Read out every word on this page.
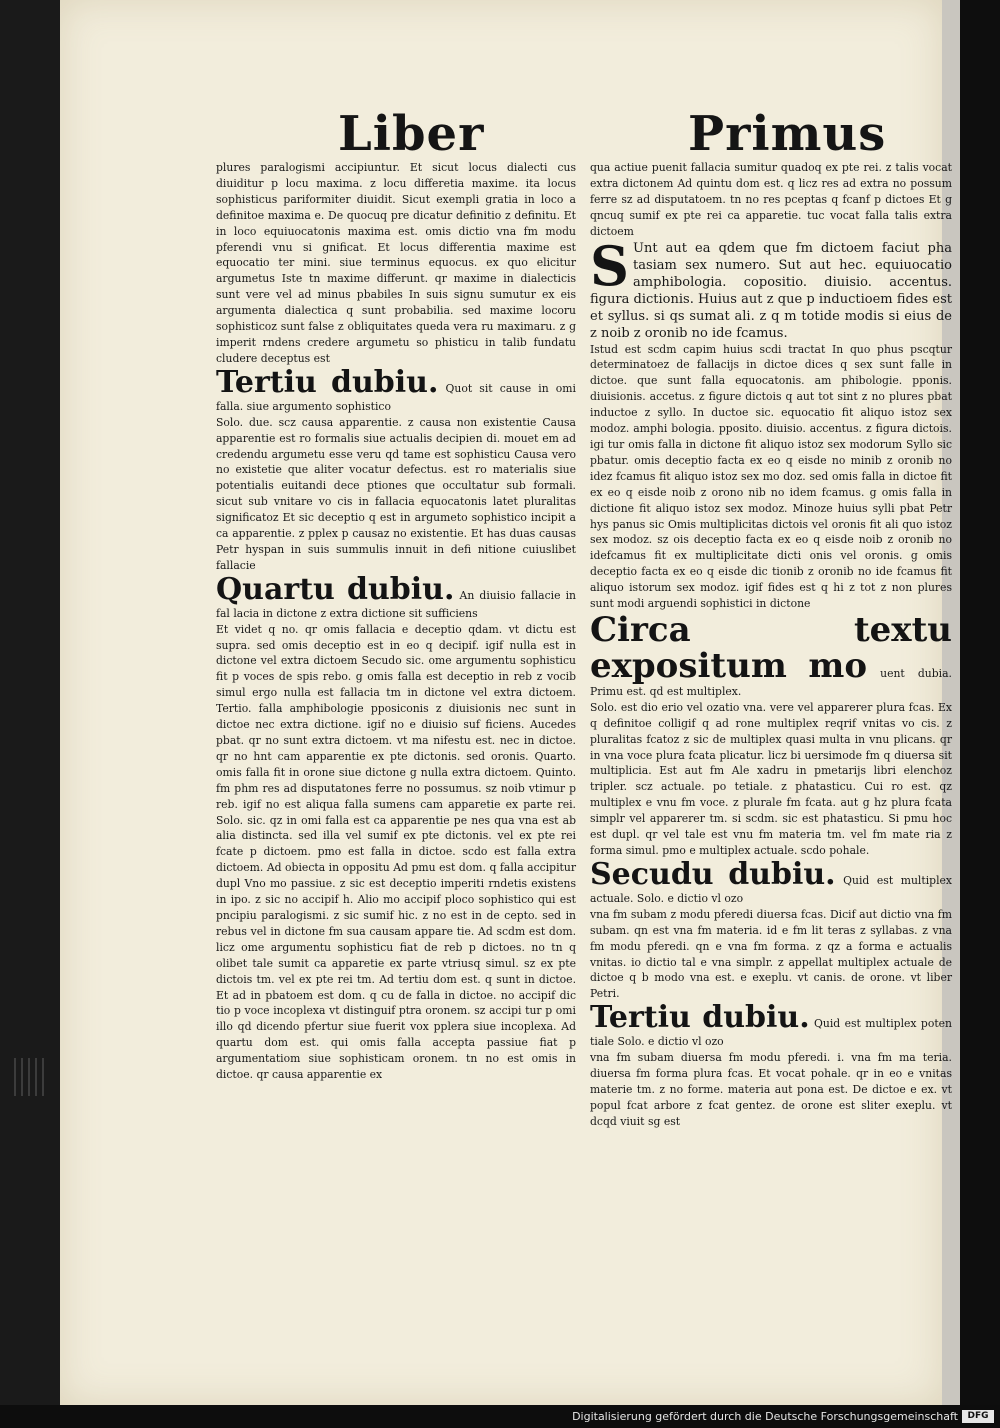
Liber	Primus

plures paralogismi accipiuntur. Et sicut locus dialecti cus diuiditur p locu maxima. z locu differetia maxime. ita locus sophisticus pariformiter diuidit. Sicut exempli gratia in loco a definitoe maxima e. De quocuq pre dicatur definitio z definitu. Et in loco equiuocatonis maxima est. omis dictio vna fm modu pferendi vnu si gnificat. Et locus differentia maxime est equocatio ter mini. siue terminus equocus. ex quo elicitur argumetus Iste tn maxime differunt. qr maxime in dialecticis sunt vere vel ad minus pbabiles In suis signu sumutur ex eis argumenta dialectica q sunt probabilia. sed maxime locoru sophisticoz sunt false z obliquitates queda vera ru maximaru. z g imperit rndens credere argumetu so phisticu in talib fundatu cludere deceptus est

Tertiu dubiu. Quot sit cause in omi falla. siue argumento sophistico

Solo. due. scz causa apparentie. z causa non existentie Causa apparentie est ro formalis siue actualis decipien di. mouet em ad credendu argumetu esse veru qd tame est sophisticu Causa vero no existetie que aliter vocatur defectus. est ro materialis siue potentialis euitandi dece ptiones que occultatur sub formali. sicut sub vnitare vo cis in fallacia equocatonis latet pluralitas significatoz Et sic deceptio q est in argumeto sophistico incipit a ca apparentie. z pplex p causaz no existentie. Et has duas causas Petr hyspan in suis summulis innuit in defi nitione cuiuslibet fallacie

Quartu dubiu. An diuisio fallacie in fal lacia in dictone z extra dictione sit sufficiens

Et videt q no. qr omis fallacia e deceptio qdam. vt dictu est supra. sed omis deceptio est in eo q decipif. igif nulla est in dictone vel extra dictoem Secudo sic. ome argumentu sophisticu fit p voces de spis rebo. g omis falla est deceptio in reb z vocib simul ergo nulla est fallacia tm in dictone vel extra dictoem. Tertio. falla amphibologie pposiconis z diuisionis nec sunt in dictoe nec extra dictione. igif no e diuisio suf ficiens. Aucedes pbat. qr no sunt extra dictoem. vt ma nifestu est. nec in dictoe. qr no hnt cam apparentie ex pte dictonis. sed oronis. Quarto. omis falla fit in orone siue dictone g nulla extra dictoem. Quinto. fm phm res ad disputatones ferre no possumus. sz noib vtimur p reb. igif no est aliqua falla sumens cam apparetie ex parte rei. Solo. sic. qz in omi falla est ca apparentie pe nes qua vna est ab alia distincta. sed illa vel sumif ex pte dictonis. vel ex pte rei fcate p dictoem. pmo est falla in dictoe. scdo est falla extra dictoem. Ad obiecta in oppositu Ad pmu est dom. q falla accipitur dupl Vno mo passiue. z sic est deceptio imperiti rndetis existens in ipo. z sic no accipif h. Alio mo accipif ploco sophistico qui est pncipiu paralogismi. z sic sumif hic. z no est in de cepto. sed in rebus vel in dictone fm sua causam appare tie. Ad scdm est dom. licz ome argumentu sophisticu fiat de reb p dictoes. no tn q olibet tale sumit ca apparetie ex parte vtriusq simul. sz ex pte dictois tm. vel ex pte rei tm. Ad tertiu dom est. q sunt in dictoe. Et ad in pbatoem est dom. q cu de falla in dictoe. no accipif dic tio p voce incoplexa vt distinguif ptra oronem. sz accipi tur p omi illo qd dicendo pfertur siue fuerit vox pplera siue incoplexa. Ad quartu dom est. qui omis falla accepta passiue fiat p argumentatiom siue sophisticam oronem. tn no est omis in dictoe. qr causa apparentie ex

qua actiue puenit fallacia sumitur quadoq ex pte rei. z talis vocat extra dictonem Ad quintu dom est. q licz res ad extra no possum ferre sz ad disputatoem. tn no res pceptas q fcanf p dictoes Et g qncuq sumif ex pte rei ca apparetie. tuc vocat falla talis extra dictoem

S Unt aut ea qdem que fm dictoem faciut pha tasiam sex numero. Sut aut hec. equiuocatio amphibologia. copositio. diuisio. accentus. figura dictionis. Huius aut z que p inductioem fides est et syllus. si qs sumat ali. z q m totide modis si eius de z noib z oronib no ide fcamus.

Istud est scdm capim huius scdi tractat In quo phus pscqtur determinatoez de fallacijs in dictoe dices q sex sunt falle in dictoe. que sunt falla equocatonis. am phibologie. pponis. diuisionis. accetus. z figure dictois q aut tot sint z no plures pbat inductoe z syllo. In ductoe sic. equocatio fit aliquo istoz sex modoz. amphi bologia. pposito. diuisio. accentus. z figura dictois. igi tur omis falla in dictone fit aliquo istoz sex modorum Syllo sic pbatur. omis deceptio facta ex eo q eisde no minib z oronib no idez fcamus fit aliquo istoz sex mo doz. sed omis falla in dictoe fit ex eo q eisde noib z orono nib no idem fcamus. g omis falla in dictione fit aliquo istoz sex modoz. Minoze huius sylli pbat Petr hys panus sic Omis multiplicitas dictois vel oronis fit ali quo istoz sex modoz. sz ois deceptio facta ex eo q eisde noib z oronib no idefcamus fit ex multiplicitate dicti onis vel oronis. g omis deceptio facta ex eo q eisde dic tionib z oronib no ide fcamus fit aliquo istorum sex modoz. igif fides est q hi z tot z non plures sunt modi arguendi sophistici in dictone

Circa textu expositum mo uent dubia. Primu est. qd est multiplex.

Solo. est dio erio vel ozatio vna. vere vel apparerer plura fcas. Ex q definitoe colligif q ad rone multiplex reqrif vnitas vo cis. z pluralitas fcatoz z sic de multiplex quasi multa in vnu plicans. qr in vna voce plura fcata plicatur. licz bi uersimode fm q diuersa sit multiplicia. Est aut fm Ale xadru in pmetarijs libri elenchoz tripler. scz actuale. po tetiale. z phatasticu. Cui ro est. qz multiplex e vnu fm voce. z plurale fm fcata. aut g hz plura fcata simplr vel apparerer tm. si scdm. sic est phatasticu. Si pmu hoc est dupl. qr vel tale est vnu fm materia tm. vel fm mate ria z forma simul. pmo e multiplex actuale. scdo pohale.

Secudu dubiu. Quid est multiplex actuale. Solo. e dictio vl ozo

vna fm subam z modu pferedi diuersa fcas. Dicif aut dictio vna fm subam. qn est vna fm materia. id e fm lit teras z syllabas. z vna fm modu pferedi. qn e vna fm forma. z qz a forma e actualis vnitas. io dictio tal e vna simplr. z appellat multiplex actuale de dictoe q b modo vna est. e exeplu. vt canis. de orone. vt liber Petri.

Tertiu dubiu. Quid est multiplex poten tiale Solo. e dictio vl ozo

vna fm subam diuersa fm modu pferedi. i. vna fm ma teria. diuersa fm forma plura fcas. Et vocat pohale. qr in eo e vnitas materie tm. z no forme. materia aut pona est. De dictoe e ex. vt popul fcat arbore z fcat gentez. de orone est sliter exeplu. vt dcqd viuit sg est

Digitalisierung gefördert durch die Deutsche Forschungsgemeinschaft	DFG
